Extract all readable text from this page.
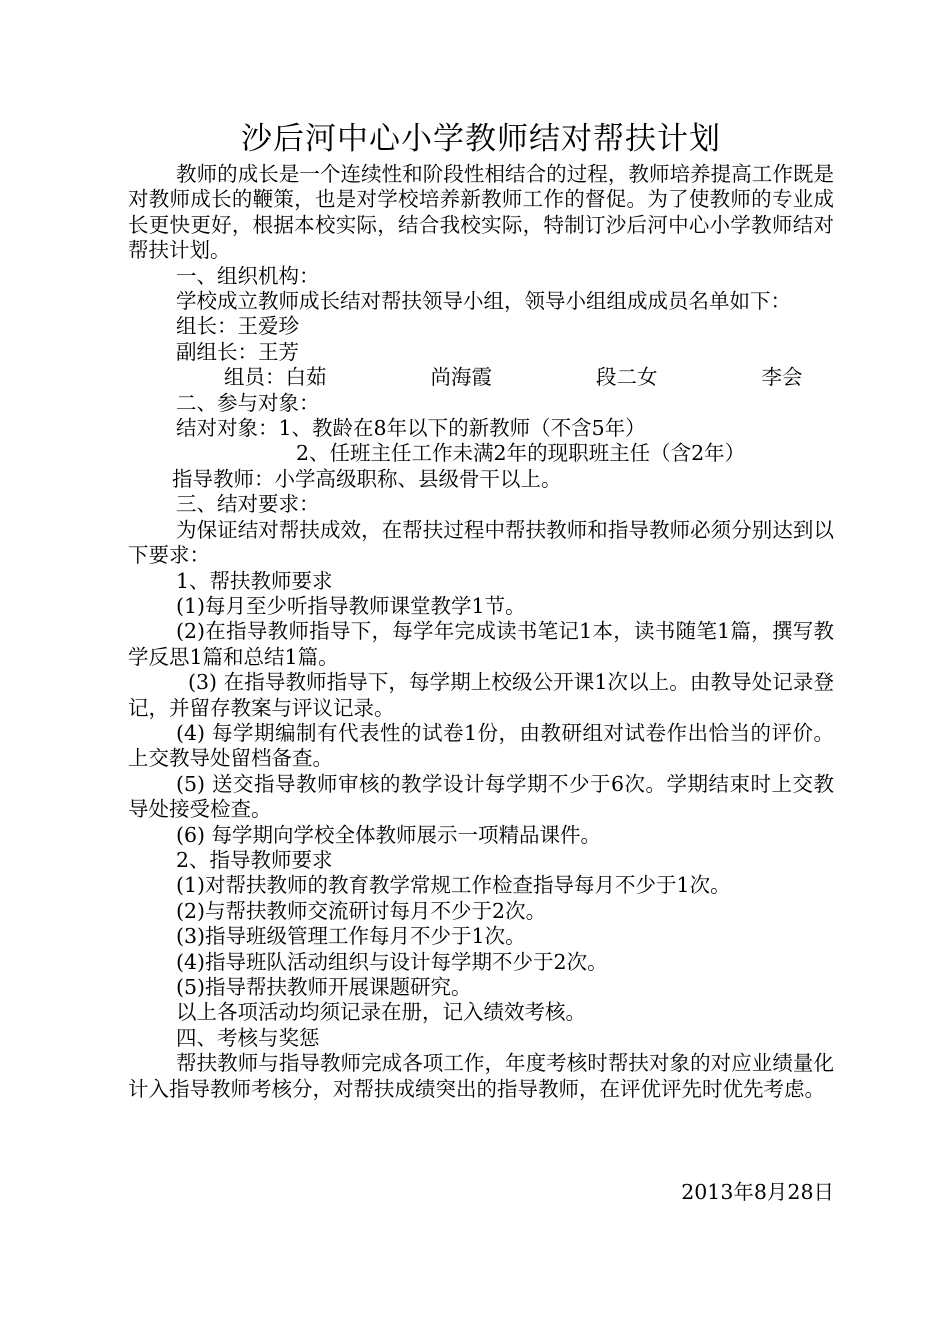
沙后河中心小学教师结对帮扶计划

教师的成长是一个连续性和阶段性相结合的过程，教师培养提高工作既是对教师成长的鞭策，也是对学校培养新教师工作的督促。为了使教师的专业成长更快更好，根据本校实际，结合我校实际，特制订沙后河中心小学教师结对帮扶计划。

一、组织机构：

学校成立教师成长结对帮扶领导小组，领导小组组成成员名单如下：

组长：王爱珍

副组长：王芳

组员：白茹	尚海霞	段二女	李会

二、参与对象：

结对对象：1、教龄在8年以下的新教师（不含5年）

2、任班主任工作未满2年的现职班主任（含2年）

指导教师：小学高级职称、县级骨干以上。

三、结对要求：

为保证结对帮扶成效，在帮扶过程中帮扶教师和指导教师必须分别达到以下要求：

1、帮扶教师要求

(1)每月至少听指导教师课堂教学1节。

(2)在指导教师指导下，每学年完成读书笔记1本，读书随笔1篇，撰写教学反思1篇和总结1篇。

(3) 在指导教师指导下，每学期上校级公开课1次以上。由教导处记录登记，并留存教案与评议记录。

(4) 每学期编制有代表性的试卷1份，由教研组对试卷作出恰当的评价。上交教导处留档备查。

(5) 送交指导教师审核的教学设计每学期不少于6次。学期结束时上交教导处接受检查。

(6) 每学期向学校全体教师展示一项精品课件。

2、指导教师要求

(1)对帮扶教师的教育教学常规工作检查指导每月不少于1次。

(2)与帮扶教师交流研讨每月不少于2次。

(3)指导班级管理工作每月不少于1次。

(4)指导班队活动组织与设计每学期不少于2次。

(5)指导帮扶教师开展课题研究。

以上各项活动均须记录在册，记入绩效考核。

四、考核与奖惩

帮扶教师与指导教师完成各项工作，年度考核时帮扶对象的对应业绩量化计入指导教师考核分，对帮扶成绩突出的指导教师，在评优评先时优先考虑。

2013年8月28日
